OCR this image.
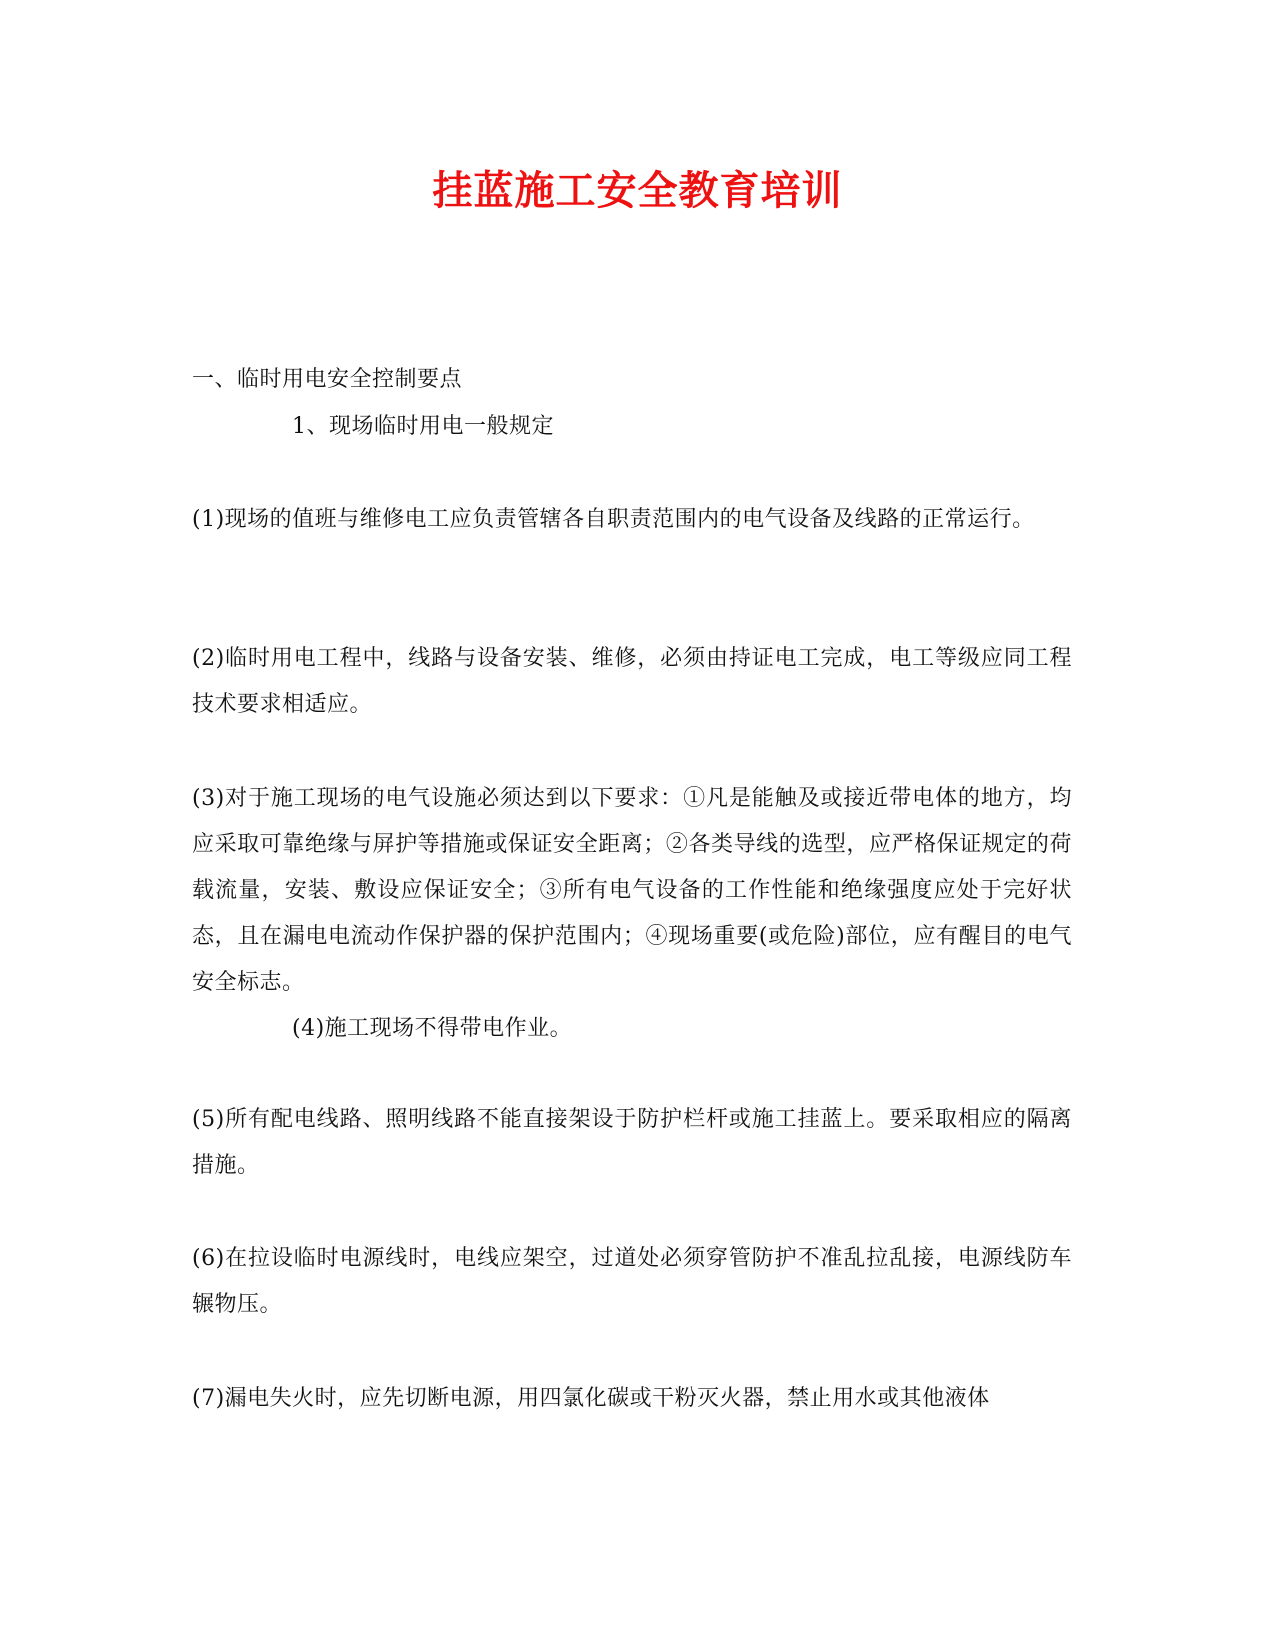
挂蓝施工安全教育培训
一、临时用电安全控制要点
1、现场临时用电一般规定
(1)现场的值班与维修电工应负责管辖各自职责范围内的电气设备及线路的正常运行。
(2)临时用电工程中，线路与设备安装、维修，必须由持证电工完成，电工等级应同工程技术要求相适应。
(3)对于施工现场的电气设施必须达到以下要求：①凡是能触及或接近带电体的地方，均应采取可靠绝缘与屏护等措施或保证安全距离；②各类导线的选型，应严格保证规定的荷载流量，安装、敷设应保证安全；③所有电气设备的工作性能和绝缘强度应处于完好状态，且在漏电电流动作保护器的保护范围内；④现场重要(或危险)部位，应有醒目的电气安全标志。
(4)施工现场不得带电作业。
(5)所有配电线路、照明线路不能直接架设于防护栏杆或施工挂蓝上。要采取相应的隔离措施。
(6)在拉设临时电源线时，电线应架空，过道处必须穿管防护不准乱拉乱接，电源线防车辗物压。
(7)漏电失火时，应先切断电源，用四氯化碳或干粉灭火器，禁止用水或其他液体
